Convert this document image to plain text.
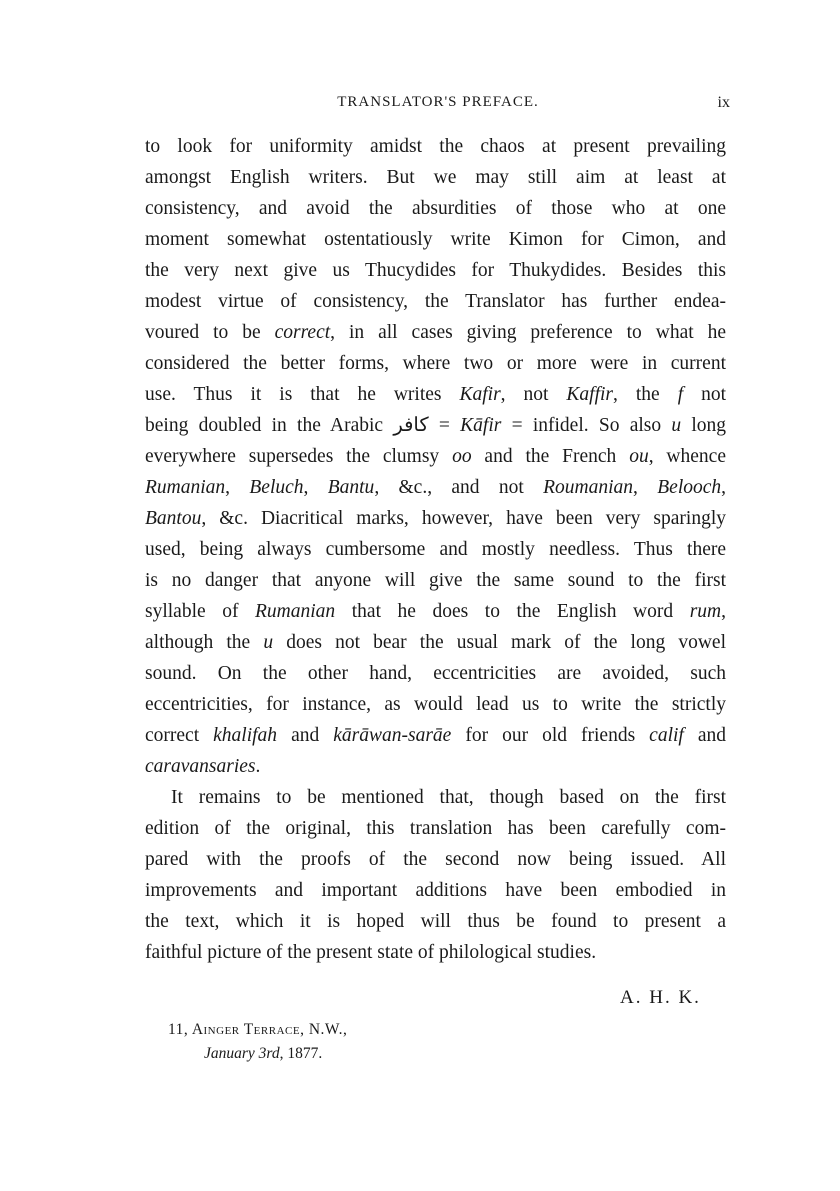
TRANSLATOR'S PREFACE.	ix
to look for uniformity amidst the chaos at present prevailing
amongst English writers. But we may still aim at least at
consistency, and avoid the absurdities of those who at one
moment somewhat ostentatiously write Kimon for Cimon, and
the very next give us Thucydides for Thukydides. Besides this
modest virtue of consistency, the Translator has further endea-
voured to be correct, in all cases giving preference to what he
considered the better forms, where two or more were in current
use. Thus it is that he writes Kafir, not Kaffir, the f not
being doubled in the Arabic كافر = Kāfir = infidel. So also u long
everywhere supersedes the clumsy oo and the French ou, whence
Rumanian, Beluch, Bantu, &c., and not Roumanian, Belooch,
Bantou, &c. Diacritical marks, however, have been very sparingly
used, being always cumbersome and mostly needless. Thus there
is no danger that anyone will give the same sound to the first
syllable of Rumanian that he does to the English word rum,
although the u does not bear the usual mark of the long vowel
sound. On the other hand, eccentricities are avoided, such
eccentricities, for instance, as would lead us to write the strictly
correct khalifah and kārāwan-sarāe for our old friends calif and
caravansaries.
It remains to be mentioned that, though based on the first
edition of the original, this translation has been carefully com-
pared with the proofs of the second now being issued. All
improvements and important additions have been embodied in
the text, which it is hoped will thus be found to present a
faithful picture of the present state of philological studies.
A. H. K.
11, Ainger Terrace, N.W.,
January 3rd, 1877.
